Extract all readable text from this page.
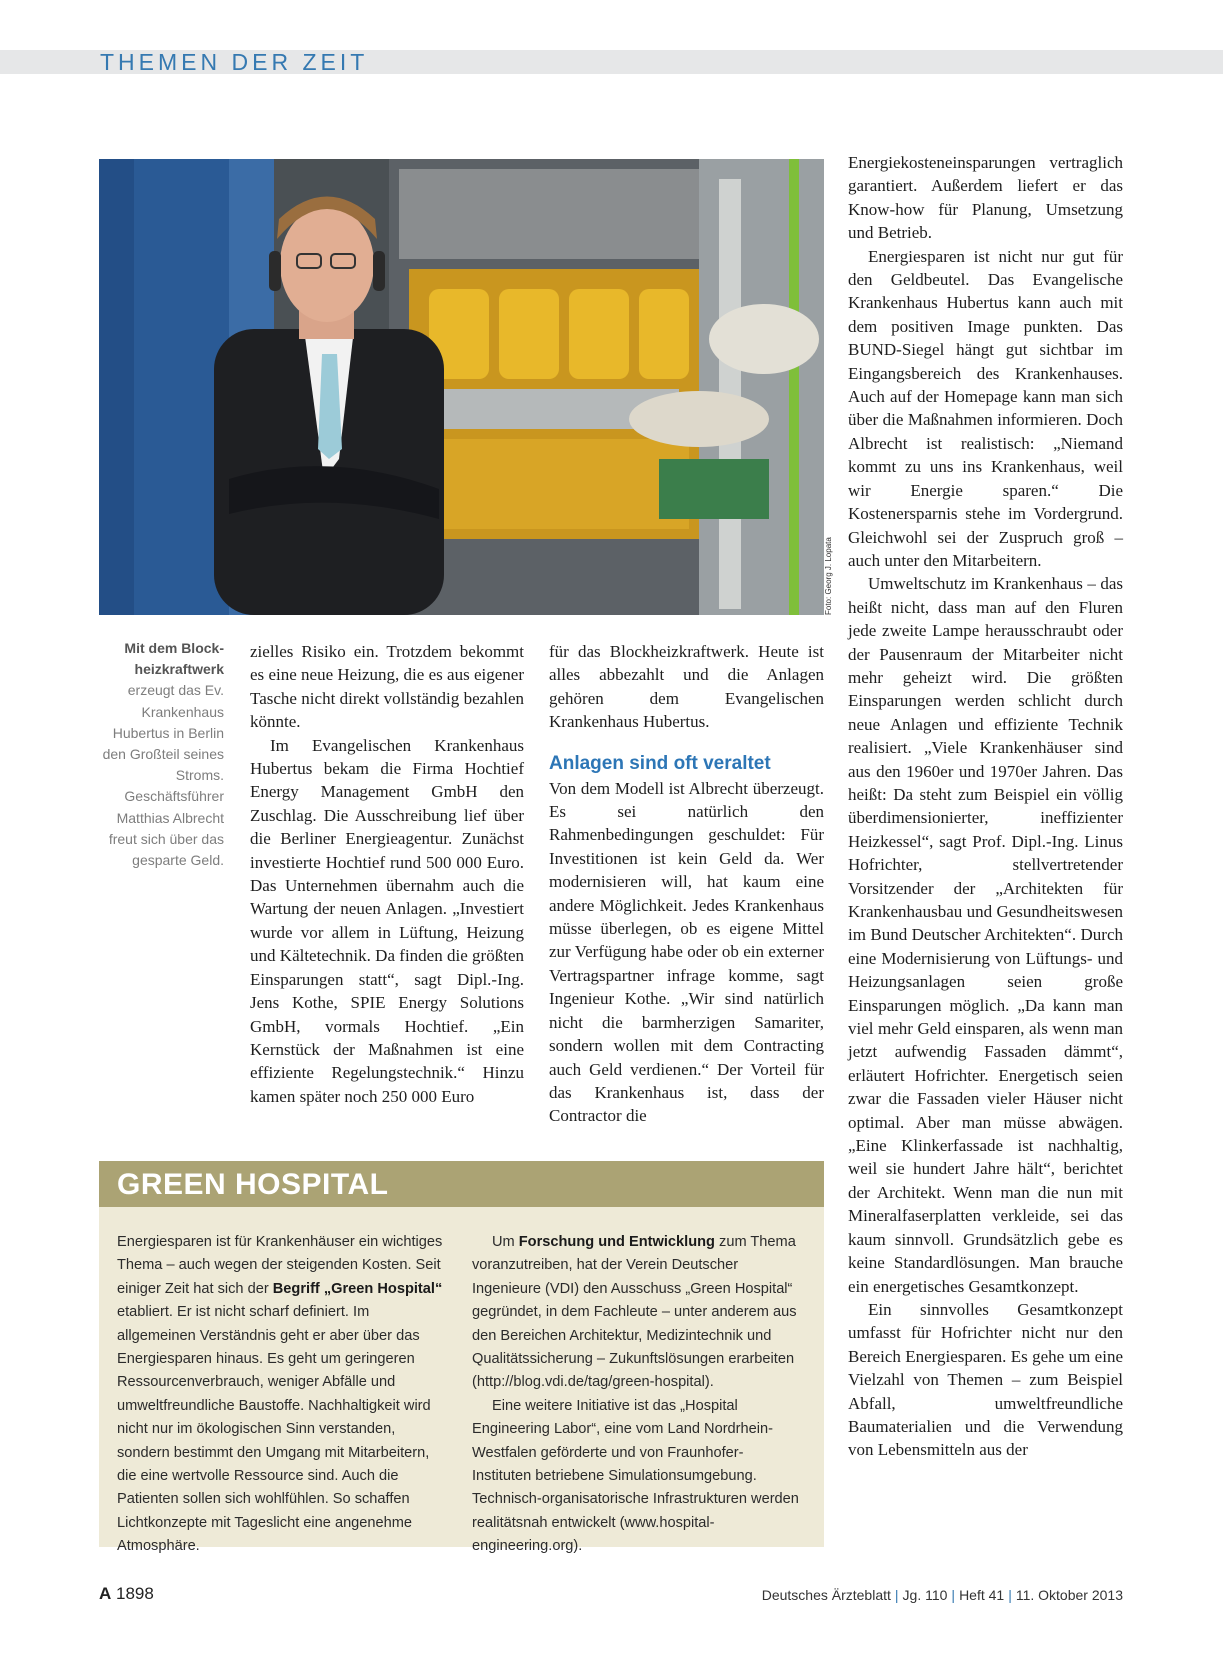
THEMEN DER ZEIT
Foto: Georg J. Lopata
Mit dem Block-heizkraftwerk erzeugt das Ev. Krankenhaus Hubertus in Berlin den Großteil seines Stroms. Geschäftsführer Matthias Albrecht freut sich über das gesparte Geld.

zielles Risiko ein. Trotzdem bekommt es eine neue Heizung, die es aus eigener Tasche nicht direkt vollständig bezahlen könnte.

Im Evangelischen Krankenhaus Hubertus bekam die Firma Hochtief Energy Management GmbH den Zuschlag. Die Ausschreibung lief über die Berliner Energieagentur. Zunächst investierte Hochtief rund 500 000 Euro. Das Unternehmen übernahm auch die Wartung der neuen Anlagen. „Investiert wurde vor allem in Lüftung, Heizung und Kältetechnik. Da finden die größten Einsparungen statt“, sagt Dipl.-Ing. Jens Kothe, SPIE Energy Solutions GmbH, vormals Hochtief. „Ein Kernstück der Maßnahmen ist eine effiziente Regelungstechnik.“ Hinzu kamen später noch 250 000 Euro

für das Blockheizkraftwerk. Heute ist alles abbezahlt und die Anlagen gehören dem Evangelischen Krankenhaus Hubertus.

Anlagen sind oft veraltet

Von dem Modell ist Albrecht überzeugt. Es sei natürlich den Rahmenbedingungen geschuldet: Für Investitionen ist kein Geld da. Wer modernisieren will, hat kaum eine andere Möglichkeit. Jedes Krankenhaus müsse überlegen, ob es eigene Mittel zur Verfügung habe oder ob ein externer Vertragspartner infrage komme, sagt Ingenieur Kothe. „Wir sind natürlich nicht die barmherzigen Samariter, sondern wollen mit dem Contracting auch Geld verdienen.“ Der Vorteil für das Krankenhaus ist, dass der Contractor die

Energiekosteneinsparungen vertraglich garantiert. Außerdem liefert er das Know-how für Planung, Umsetzung und Betrieb.

Energiesparen ist nicht nur gut für den Geldbeutel. Das Evangelische Krankenhaus Hubertus kann auch mit dem positiven Image punkten. Das BUND-Siegel hängt gut sichtbar im Eingangsbereich des Krankenhauses. Auch auf der Homepage kann man sich über die Maßnahmen informieren. Doch Albrecht ist realistisch: „Niemand kommt zu uns ins Krankenhaus, weil wir Energie sparen.“ Die Kostenersparnis stehe im Vordergrund. Gleichwohl sei der Zuspruch groß – auch unter den Mitarbeitern.

Umweltschutz im Krankenhaus – das heißt nicht, dass man auf den Fluren jede zweite Lampe herausschraubt oder der Pausenraum der Mitarbeiter nicht mehr geheizt wird. Die größten Einsparungen werden schlicht durch neue Anlagen und effiziente Technik realisiert. „Viele Krankenhäuser sind aus den 1960er und 1970er Jahren. Das heißt: Da steht zum Beispiel ein völlig überdimensionierter, ineffizienter Heizkessel“, sagt Prof. Dipl.-Ing. Linus Hofrichter, stellvertretender Vorsitzender der „Architekten für Krankenhausbau und Gesundheitswesen im Bund Deutscher Architekten“. Durch eine Modernisierung von Lüftungs- und Heizungsanlagen seien große Einsparungen möglich. „Da kann man viel mehr Geld einsparen, als wenn man jetzt aufwendig Fassaden dämmt“, erläutert Hofrichter. Energetisch seien zwar die Fassaden vieler Häuser nicht optimal. Aber man müsse abwägen. „Eine Klinkerfassade ist nachhaltig, weil sie hundert Jahre hält“, berichtet der Architekt. Wenn man die nun mit Mineralfaserplatten verkleide, sei das kaum sinnvoll. Grundsätzlich gebe es keine Standardlösungen. Man brauche ein energetisches Gesamtkonzept.

Ein sinnvolles Gesamtkonzept umfasst für Hofrichter nicht nur den Bereich Energiesparen. Es gehe um eine Vielzahl von Themen – zum Beispiel Abfall, umweltfreundliche Baumaterialien und die Verwendung von Lebensmitteln aus der

GREEN HOSPITAL

Energiesparen ist für Krankenhäuser ein wichtiges Thema – auch wegen der steigenden Kosten. Seit einiger Zeit hat sich der Begriff „Green Hospital“ etabliert. Er ist nicht scharf definiert. Im allgemeinen Verständnis geht er aber über das Energiesparen hinaus. Es geht um geringeren Ressourcenverbrauch, weniger Abfälle und umweltfreundliche Baustoffe. Nachhaltigkeit wird nicht nur im ökologischen Sinn verstanden, sondern bestimmt den Umgang mit Mitarbeitern, die eine wertvolle Ressource sind. Auch die Patienten sollen sich wohlfühlen. So schaffen Lichtkonzepte mit Tageslicht eine angenehme Atmosphäre.

Um Forschung und Entwicklung zum Thema voranzutreiben, hat der Verein Deutscher Ingenieure (VDI) den Ausschuss „Green Hospital“ gegründet, in dem Fachleute – unter anderem aus den Bereichen Architektur, Medizintechnik und Qualitätssicherung – Zukunftslösungen erarbeiten (http://blog.vdi.de/tag/green-hospital).

Eine weitere Initiative ist das „Hospital Engineering Labor“, eine vom Land Nordrhein-Westfalen geförderte und von Fraunhofer-Instituten betriebene Simulationsumgebung. Technisch-organisatorische Infrastrukturen werden realitätsnah entwickelt (www.hospital-engineering.org).

A 1898	Deutsches Ärzteblatt | Jg. 110 | Heft 41 | 11. Oktober 2013
